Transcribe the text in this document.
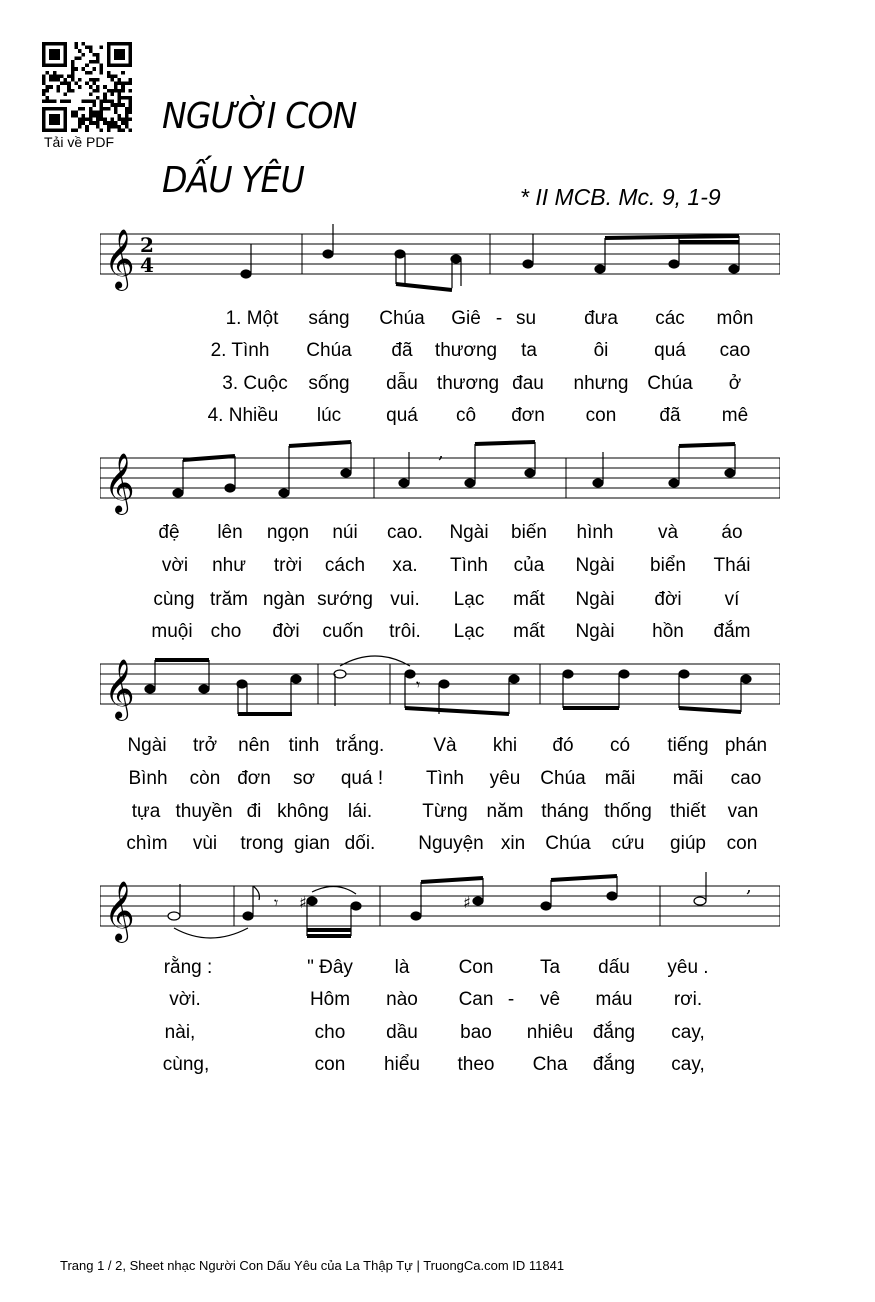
Tải về PDF
NGƯỜI CON
DẤU YÊU	* II MCB. Mc. 9, 1-9
𝄞 2
4
1. Một sáng Chúa Giê - su	đưa các môn
2. Tình Chúa đã thương ta	ôi quá cao
3. Cuộc sống dẫu thương đau nhưng Chúa ở
4. Nhiều lúc quá cô đơn con đã mê
𝄞
,
đệ lên ngọn núi cao. Ngài biến hình và áo
vời như trời cách xa. Tình của Ngài biển Thái
cùng trăm ngàn sướng vui. Lạc mất Ngài đời ví
muội cho đời cuốn trôi. Lạc mất Ngài hồn đắm
𝄞	𝄾
Ngài trở nên tinh trắng.	Và khi đó có tiếng phán
Bình còn đơn sơ quá ! Tình yêu Chúa mãi mãi cao
tựa thuyền đi không lái.	Từng năm tháng thống thiết van
chìm vùi trong gian dối. Nguyện xin Chúa cứu giúp con
𝄞	𝄾 ♯	♯
,
rằng :	" Đây là	Con Ta dấu yêu .
vời.	Hôm nào Can - vê máu rơi.
nài,	cho dầu bao nhiêu đắng cay,
cùng,	con hiểu theo Cha đắng cay,
Trang 1 / 2, Sheet nhạc Người Con Dấu Yêu của La Thập Tự | TruongCa.com ID 11841
